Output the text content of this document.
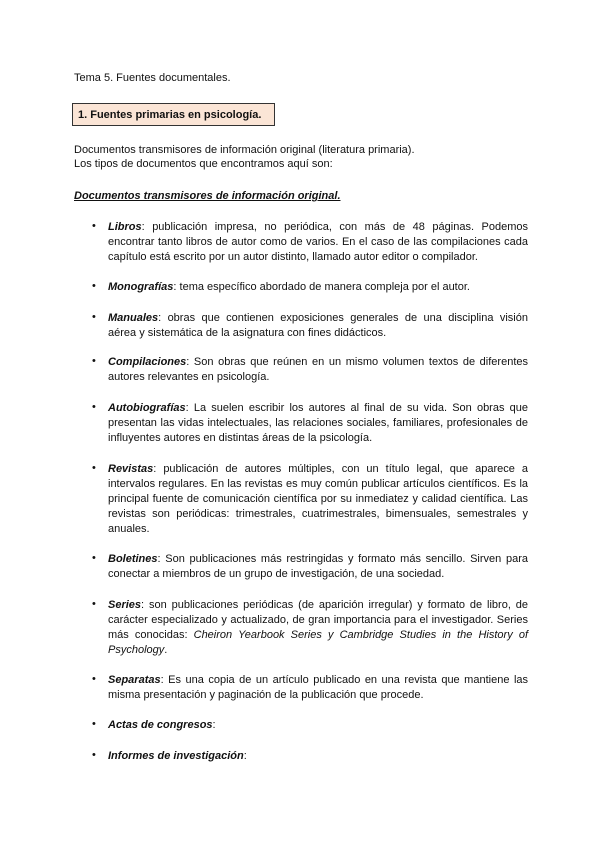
Tema 5. Fuentes documentales.
1. Fuentes primarias en psicología.
Documentos transmisores de información original (literatura primaria).
Los tipos de documentos que encontramos aquí son:
Documentos transmisores de información original.
• Libros: publicación impresa, no periódica, con más de 48 páginas. Podemos encontrar tanto libros de autor como de varios. En el caso de las compilaciones cada capítulo está escrito por un autor distinto, llamado autor editor o compilador.
• Monografías: tema específico abordado de manera compleja por el autor.
• Manuales: obras que contienen exposiciones generales de una disciplina visión aérea y sistemática de la asignatura con fines didácticos.
• Compilaciones: Son obras que reúnen en un mismo volumen textos de diferentes autores relevantes en psicología.
• Autobiografías: La suelen escribir los autores al final de su vida. Son obras que presentan las vidas intelectuales, las relaciones sociales, familiares, profesionales de influyentes autores en distintas áreas de la psicología.
• Revistas: publicación de autores múltiples, con un título legal, que aparece a intervalos regulares. En las revistas es muy común publicar artículos científicos. Es la principal fuente de comunicación científica por su inmediatez y calidad científica. Las revistas son periódicas: trimestrales, cuatrimestrales, bimensuales, semestrales y anuales.
• Boletines: Son publicaciones más restringidas y formato más sencillo. Sirven para conectar a miembros de un grupo de investigación, de una sociedad.
• Series: son publicaciones periódicas (de aparición irregular) y formato de libro, de carácter especializado y actualizado, de gran importancia para el investigador. Series más conocidas: Cheiron Yearbook Series y Cambridge Studies in the History of Psychology.
• Separatas: Es una copia de un artículo publicado en una revista que mantiene las misma presentación y paginación de la publicación que procede.
• Actas de congresos:
• Informes de investigación:
